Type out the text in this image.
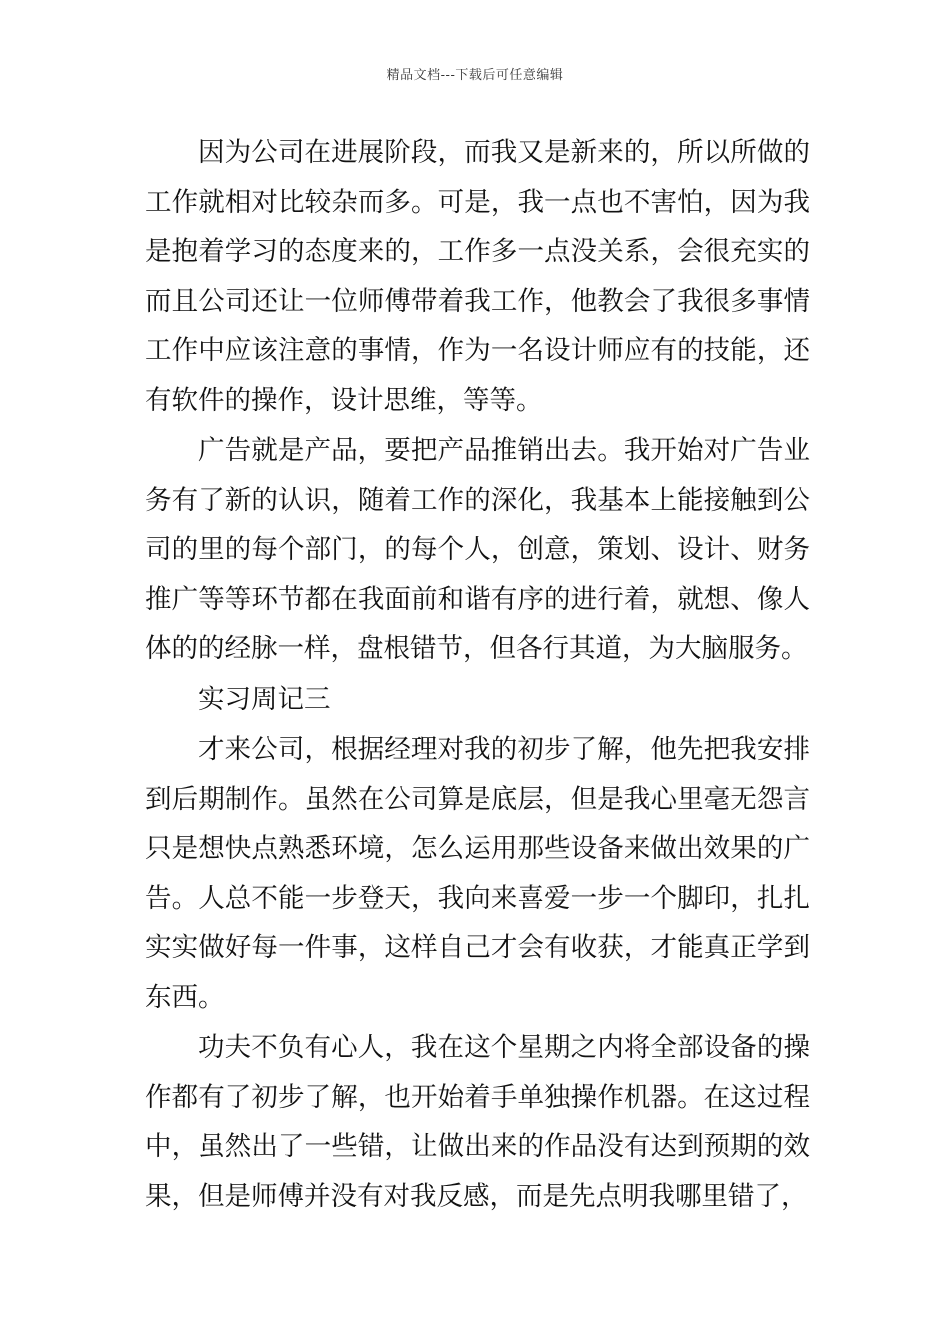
精品文档---下载后可任意编辑

因为公司在进展阶段，而我又是新来的，所以所做的工作就相对比较杂而多。可是，我一点也不害怕，因为我是抱着学习的态度来的，工作多一点没关系，会很充实的而且公司还让一位师傅带着我工作，他教会了我很多事情工作中应该注意的事情，作为一名设计师应有的技能，还有软件的操作，设计思维，等等。

广告就是产品，要把产品推销出去。我开始对广告业务有了新的认识，随着工作的深化，我基本上能接触到公司的里的每个部门，的每个人，创意，策划、设计、财务推广等等环节都在我面前和谐有序的进行着，就想、像人体的的经脉一样，盘根错节，但各行其道，为大脑服务。

实习周记三

才来公司，根据经理对我的初步了解，他先把我安排到后期制作。虽然在公司算是底层，但是我心里毫无怨言只是想快点熟悉环境，怎么运用那些设备来做出效果的广告。人总不能一步登天，我向来喜爱一步一个脚印，扎扎实实做好每一件事，这样自己才会有收获，才能真正学到东西。

功夫不负有心人，我在这个星期之内将全部设备的操作都有了初步了解，也开始着手单独操作机器。在这过程中，虽然出了一些错，让做出来的作品没有达到预期的效果，但是师傅并没有对我反感，而是先点明我哪里错了，
